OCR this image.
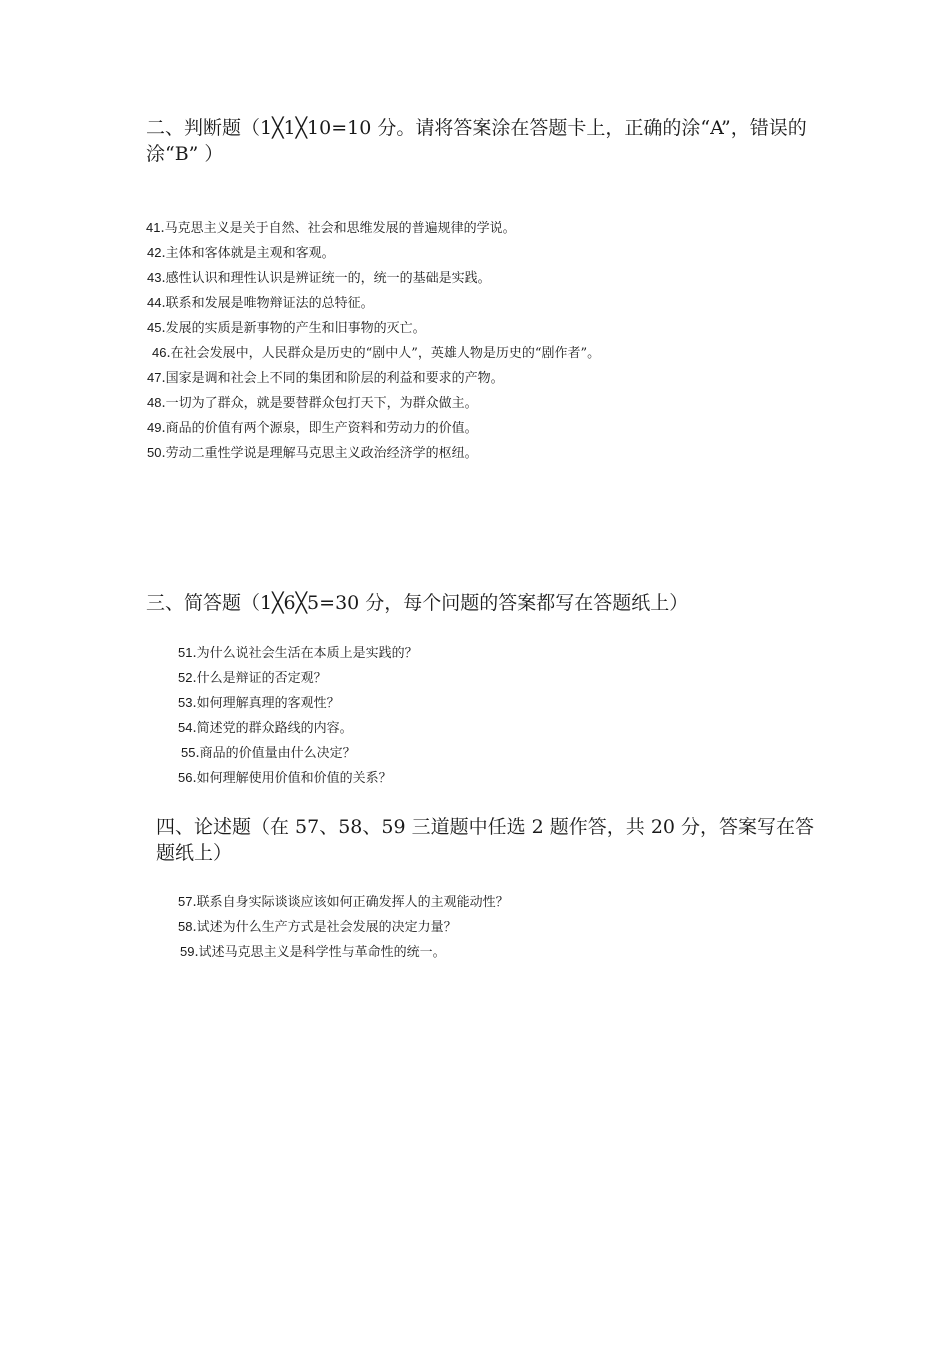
二、判断题（1╳1╳10=10 分。请将答案涂在答题卡上，正确的涂“A”，错误的涂“B” ）
41.马克思主义是关于自然、社会和思维发展的普遍规律的学说。
42.主体和客体就是主观和客观。
43.感性认识和理性认识是辨证统一的，统一的基础是实践。
44.联系和发展是唯物辩证法的总特征。
45.发展的实质是新事物的产生和旧事物的灭亡。
46.在社会发展中，人民群众是历史的“剧中人”，英雄人物是历史的“剧作者”。
47.国家是调和社会上不同的集团和阶层的利益和要求的产物。
48.一切为了群众，就是要替群众包打天下，为群众做主。
49.商品的价值有两个源泉，即生产资料和劳动力的价值。
50.劳动二重性学说是理解马克思主义政治经济学的枢纽。
三、简答题（1╳6╳5=30 分，每个问题的答案都写在答题纸上）
51.为什么说社会生活在本质上是实践的？
52.什么是辩证的否定观？
53.如何理解真理的客观性？
54.简述党的群众路线的内容。
55.商品的价值量由什么决定？
56.如何理解使用价值和价值的关系？
四、论述题（在 57、58、59 三道题中任选 2 题作答，共 20 分，答案写在答题纸上）
57.联系自身实际谈谈应该如何正确发挥人的主观能动性？
58.试述为什么生产方式是社会发展的决定力量？
59.试述马克思主义是科学性与革命性的统一。
